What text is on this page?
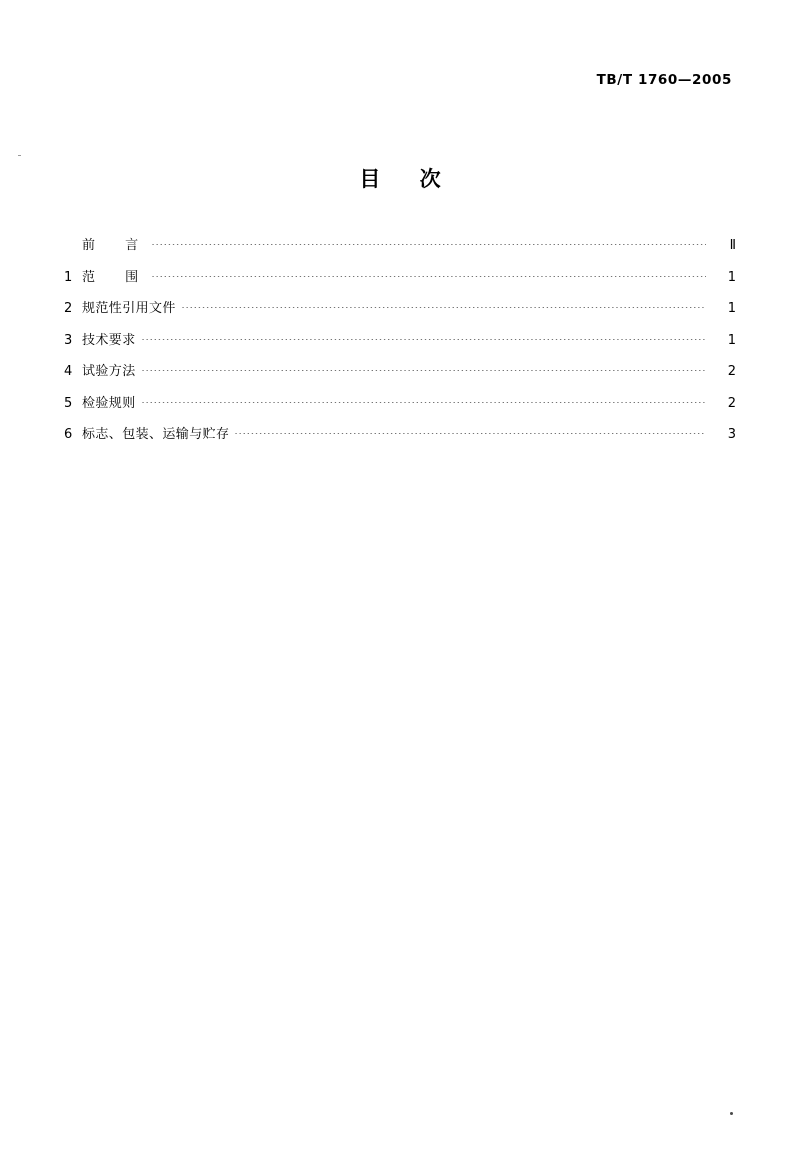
TB/T 1760—2005
目 次
前 言	Ⅱ
1 范 围	1
2 规范性引用文件	1
3 技术要求	1
4 试验方法	2
5 检验规则	2
6 标志、包装、运输与贮存	3
